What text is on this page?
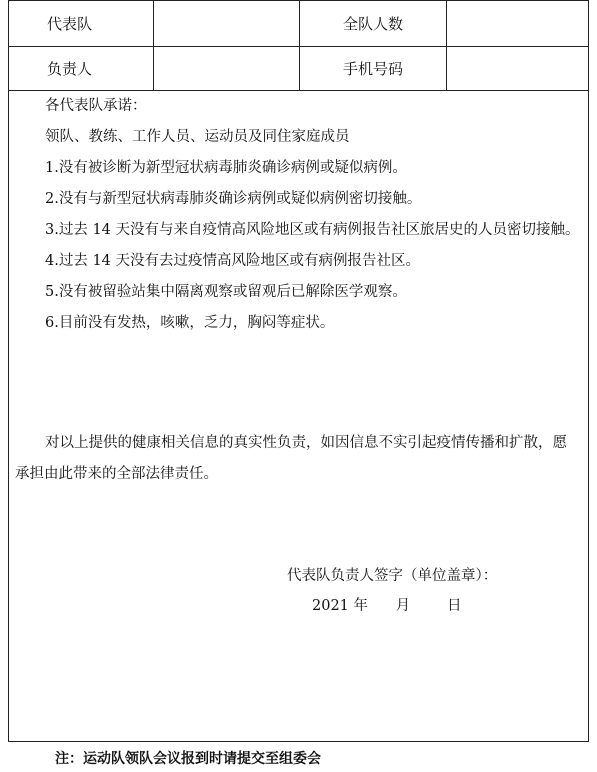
代表队	全队人数
负责人	手机号码

各代表队承诺：

领队、教练、工作人员、运动员及同住家庭成员

1.没有被诊断为新型冠状病毒肺炎确诊病例或疑似病例。

2.没有与新型冠状病毒肺炎确诊病例或疑似病例密切接触。

3.过去 14 天没有与来自疫情高风险地区或有病例报告社区旅居史的人员密切接触。

4.过去 14 天没有去过疫情高风险地区或有病例报告社区。

5.没有被留验站集中隔离观察或留观后已解除医学观察。

6.目前没有发热，咳嗽，乏力，胸闷等症状。

对以上提供的健康相关信息的真实性负责，如因信息不实引起疫情传播和扩散，愿承担由此带来的全部法律责任。

代表队负责人签字（单位盖章）：
2021 年      月        日
注：运动队领队会议报到时请提交至组委会
